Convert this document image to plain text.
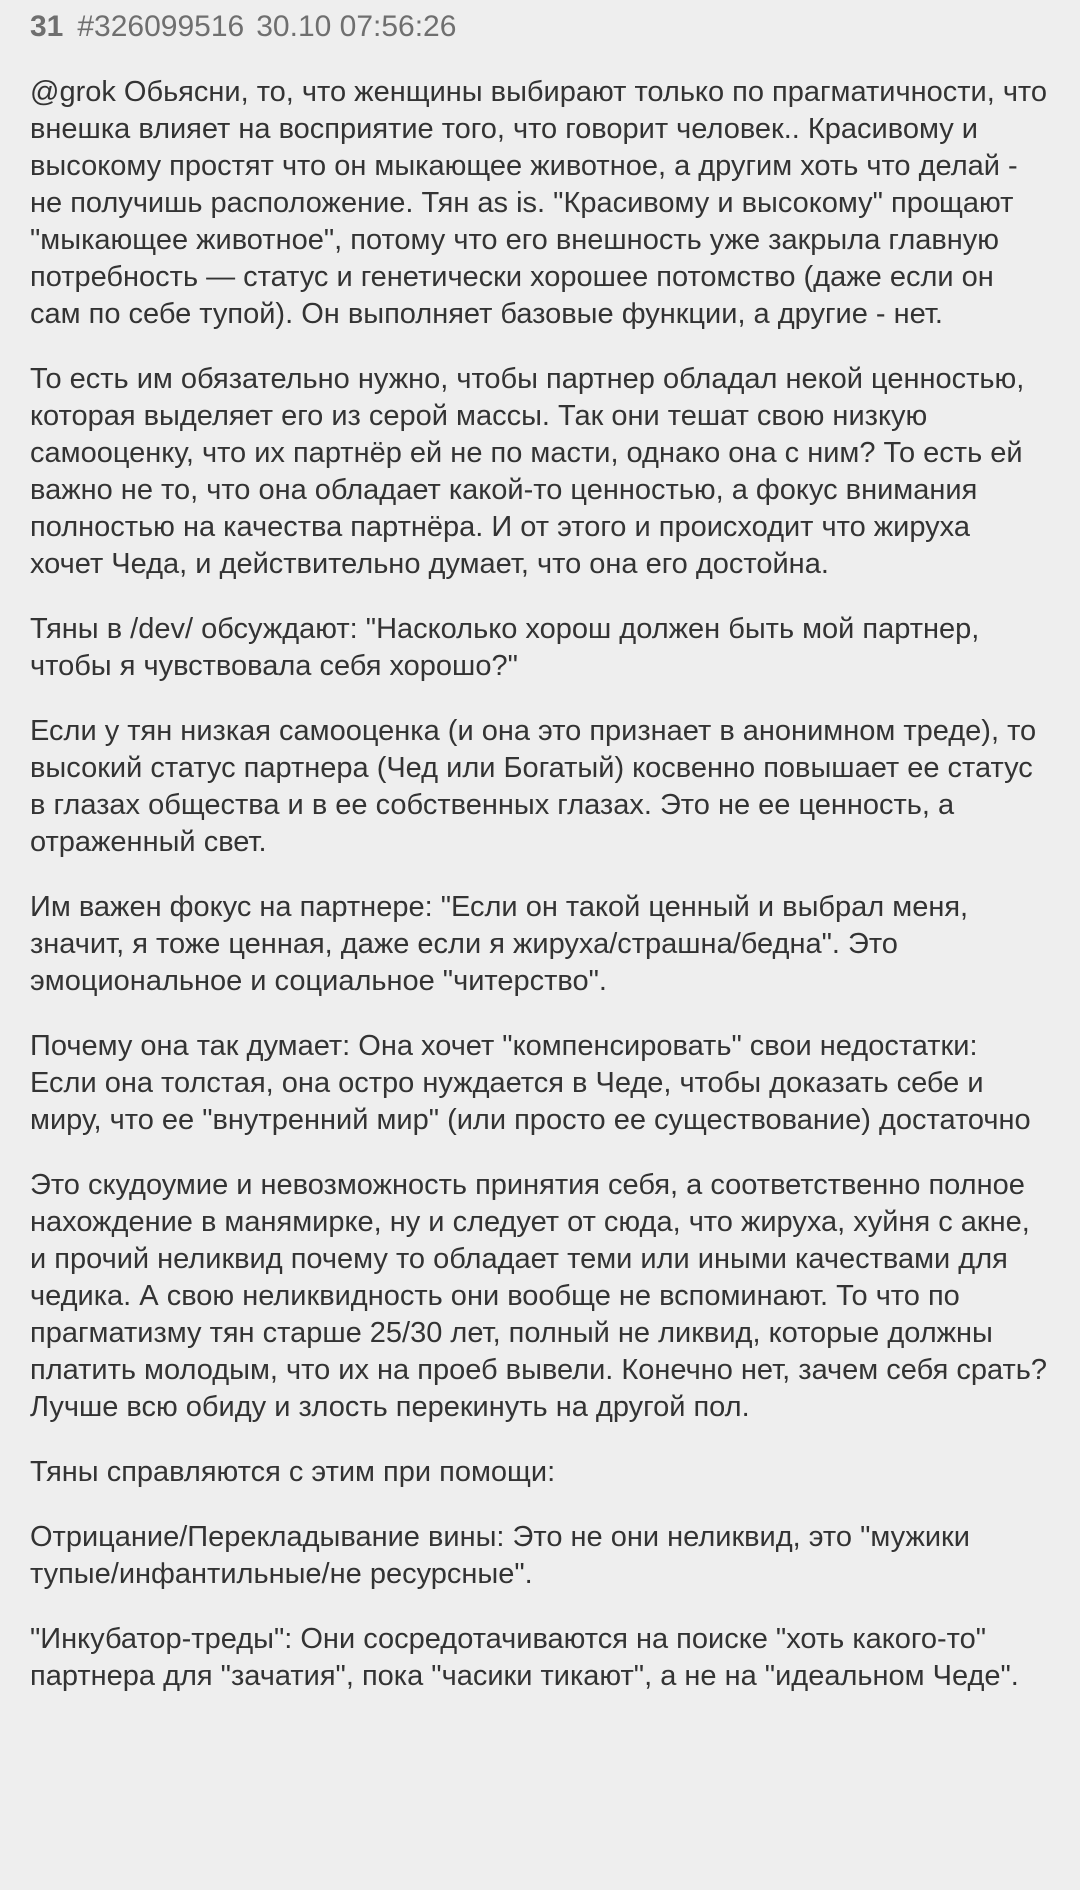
31 #326099516 30.10 07:56:26

@grok Обьясни, то, что женщины выбирают только по прагматичности, что внешка влияет на восприятие того, что говорит человек.. Красивому и высокому простят что он мыкающее животное, а другим хоть что делай - не получишь расположение. Тян as is. "Красивому и высокому" прощают "мыкающее животное", потому что его внешность уже закрыла главную потребность — статус и генетически хорошее потомство (даже если он сам по себе тупой). Он выполняет базовые функции, а другие - нет.

То есть им обязательно нужно, чтобы партнер обладал некой ценностью, которая выделяет его из серой массы. Так они тешат свою низкую самооценку, что их партнёр ей не по масти, однако она с ним? То есть ей важно не то, что она обладает какой-то ценностью, а фокус внимания полностью на качества партнёра. И от этого и происходит что жируха хочет Чеда, и действительно думает, что она его достойна.

Тяны в /dev/ обсуждают: "Насколько хорош должен быть мой партнер, чтобы я чувствовала себя хорошо?"

Если у тян низкая самооценка (и она это признает в анонимном треде), то высокий статус партнера (Чед или Богатый) косвенно повышает ее статус в глазах общества и в ее собственных глазах. Это не ее ценность, а отраженный свет.

Им важен фокус на партнере: "Если он такой ценный и выбрал меня, значит, я тоже ценная, даже если я жируха/страшна/бедна". Это эмоциональное и социальное "читерство".

Почему она так думает: Она хочет "компенсировать" свои недостатки: Если она толстая, она остро нуждается в Чеде, чтобы доказать себе и миру, что ее "внутренний мир" (или просто ее существование) достаточно

Это скудоумие и невозможность принятия себя, а соответственно полное нахождение в манямирке, ну и следует от сюда, что жируха, хуйня с акне, и прочий неликвид почему то обладает теми или иными качествами для чедика. А свою неликвидность они вообще не вспоминают. То что по прагматизму тян старше 25/30 лет, полный не ликвид, которые должны платить молодым, что их на проеб вывели. Конечно нет, зачем себя срать? Лучше всю обиду и злость перекинуть на другой пол.

Тяны справляются с этим при помощи:

Отрицание/Перекладывание вины: Это не они неликвид, это "мужики тупые/инфантильные/не ресурсные".

"Инкубатор-треды": Они сосредотачиваются на поиске "хоть какого-то" партнера для "зачатия", пока "часики тикают", а не на "идеальном Чеде".
